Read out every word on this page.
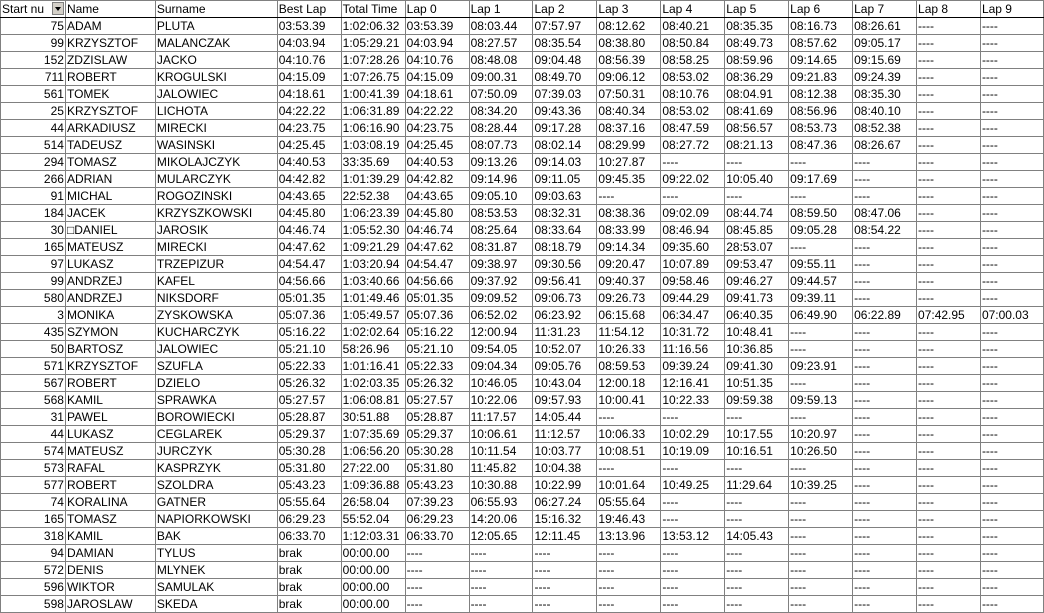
Start nu	Name	Surname	Best Lap	Total Time	Lap 0	Lap 1	Lap 2	Lap 3	Lap 4	Lap 5	Lap 6	Lap 7	Lap 8	Lap 9
75	ADAM	PLUTA	03:53.39	1:02:06.32	03:53.39	08:03.44	07:57.97	08:12.62	08:40.21	08:35.35	08:16.73	08:26.61	----	----
99	KRZYSZTOF	MALANCZAK	04:03.94	1:05:29.21	04:03.94	08:27.57	08:35.54	08:38.80	08:50.84	08:49.73	08:57.62	09:05.17	----	----
152	ZDZISLAW	JACKO	04:10.76	1:07:28.26	04:10.76	08:48.08	09:04.48	08:56.39	08:58.25	08:59.96	09:14.65	09:15.69	----	----
711	ROBERT	KROGULSKI	04:15.09	1:07:26.75	04:15.09	09:00.31	08:49.70	09:06.12	08:53.02	08:36.29	09:21.83	09:24.39	----	----
561	TOMEK	JALOWIEC	04:18.61	1:00:41.39	04:18.61	07:50.09	07:39.03	07:50.31	08:10.76	08:04.91	08:12.38	08:35.30	----	----
25	KRZYSZTOF	LICHOTA	04:22.22	1:06:31.89	04:22.22	08:34.20	09:43.36	08:40.34	08:53.02	08:41.69	08:56.96	08:40.10	----	----
44	ARKADIUSZ	MIRECKI	04:23.75	1:06:16.90	04:23.75	08:28.44	09:17.28	08:37.16	08:47.59	08:56.57	08:53.73	08:52.38	----	----
514	TADEUSZ	WASINSKI	04:25.45	1:03:08.19	04:25.45	08:07.73	08:02.14	08:29.99	08:27.72	08:21.13	08:47.36	08:26.67	----	----
294	TOMASZ	MIKOLAJCZYK	04:40.53	33:35.69	04:40.53	09:13.26	09:14.03	10:27.87	----	----	----	----	----	----
266	ADRIAN	MULARCZYK	04:42.82	1:01:39.29	04:42.82	09:14.96	09:11.05	09:45.35	09:22.02	10:05.40	09:17.69	----	----	----
91	MICHAL	ROGOZINSKI	04:43.65	22:52.38	04:43.65	09:05.10	09:03.63	----	----	----	----	----	----	----
184	JACEK	KRZYSZKOWSKI	04:45.80	1:06:23.39	04:45.80	08:53.53	08:32.31	08:38.36	09:02.09	08:44.74	08:59.50	08:47.06	----	----
30	□DANIEL	JAROSIK	04:46.74	1:05:52.30	04:46.74	08:25.64	08:33.64	08:33.99	08:46.94	08:45.85	09:05.28	08:54.22	----	----
165	MATEUSZ	MIRECKI	04:47.62	1:09:21.29	04:47.62	08:31.87	08:18.79	09:14.34	09:35.60	28:53.07	----	----	----	----
97	LUKASZ	TRZEPIZUR	04:54.47	1:03:20.94	04:54.47	09:38.97	09:30.56	09:20.47	10:07.89	09:53.47	09:55.11	----	----	----
99	ANDRZEJ	KAFEL	04:56.66	1:03:40.66	04:56.66	09:37.92	09:56.41	09:40.37	09:58.46	09:46.27	09:44.57	----	----	----
580	ANDRZEJ	NIKSDORF	05:01.35	1:01:49.46	05:01.35	09:09.52	09:06.73	09:26.73	09:44.29	09:41.73	09:39.11	----	----	----
3	MONIKA	ZYSKOWSKA	05:07.36	1:05:49.57	05:07.36	06:52.02	06:23.92	06:15.68	06:34.47	06:40.35	06:49.90	06:22.89	07:42.95	07:00.03
435	SZYMON	KUCHARCZYK	05:16.22	1:02:02.64	05:16.22	12:00.94	11:31.23	11:54.12	10:31.72	10:48.41	----	----	----	----
50	BARTOSZ	JALOWIEC	05:21.10	58:26.96	05:21.10	09:54.05	10:52.07	10:26.33	11:16.56	10:36.85	----	----	----	----
571	KRZYSZTOF	SZUFLA	05:22.33	1:01:16.41	05:22.33	09:04.34	09:05.76	08:59.53	09:39.24	09:41.30	09:23.91	----	----	----
567	ROBERT	DZIELO	05:26.32	1:02:03.35	05:26.32	10:46.05	10:43.04	12:00.18	12:16.41	10:51.35	----	----	----	----
568	KAMIL	SPRAWKA	05:27.57	1:06:08.81	05:27.57	10:22.06	09:57.93	10:00.41	10:22.33	09:59.38	09:59.13	----	----	----
31	PAWEL	BOROWIECKI	05:28.87	30:51.88	05:28.87	11:17.57	14:05.44	----	----	----	----	----	----	----
44	LUKASZ	CEGLAREK	05:29.37	1:07:35.69	05:29.37	10:06.61	11:12.57	10:06.33	10:02.29	10:17.55	10:20.97	----	----	----
574	MATEUSZ	JURCZYK	05:30.28	1:06:56.20	05:30.28	10:11.54	10:03.77	10:08.51	10:19.09	10:16.51	10:26.50	----	----	----
573	RAFAL	KASPRZYK	05:31.80	27:22.00	05:31.80	11:45.82	10:04.38	----	----	----	----	----	----	----
577	ROBERT	SZOLDRA	05:43.23	1:09:36.88	05:43.23	10:30.88	10:22.99	10:01.64	10:49.25	11:29.64	10:39.25	----	----	----
74	KORALINA	GATNER	05:55.64	26:58.04	07:39.23	06:55.93	06:27.24	05:55.64	----	----	----	----	----	----
165	TOMASZ	NAPIORKOWSKI	06:29.23	55:52.04	06:29.23	14:20.06	15:16.32	19:46.43	----	----	----	----	----	----
318	KAMIL	BAK	06:33.70	1:12:03.31	06:33.70	12:05.65	12:11.45	13:13.96	13:53.12	14:05.43	----	----	----	----
94	DAMIAN	TYLUS	brak	00:00.00	----	----	----	----	----	----	----	----	----	----
572	DENIS	MLYNEK	brak	00:00.00	----	----	----	----	----	----	----	----	----	----
596	WIKTOR	SAMULAK	brak	00:00.00	----	----	----	----	----	----	----	----	----	----
598	JAROSLAW	SKEDA	brak	00:00.00	----	----	----	----	----	----	----	----	----	----
